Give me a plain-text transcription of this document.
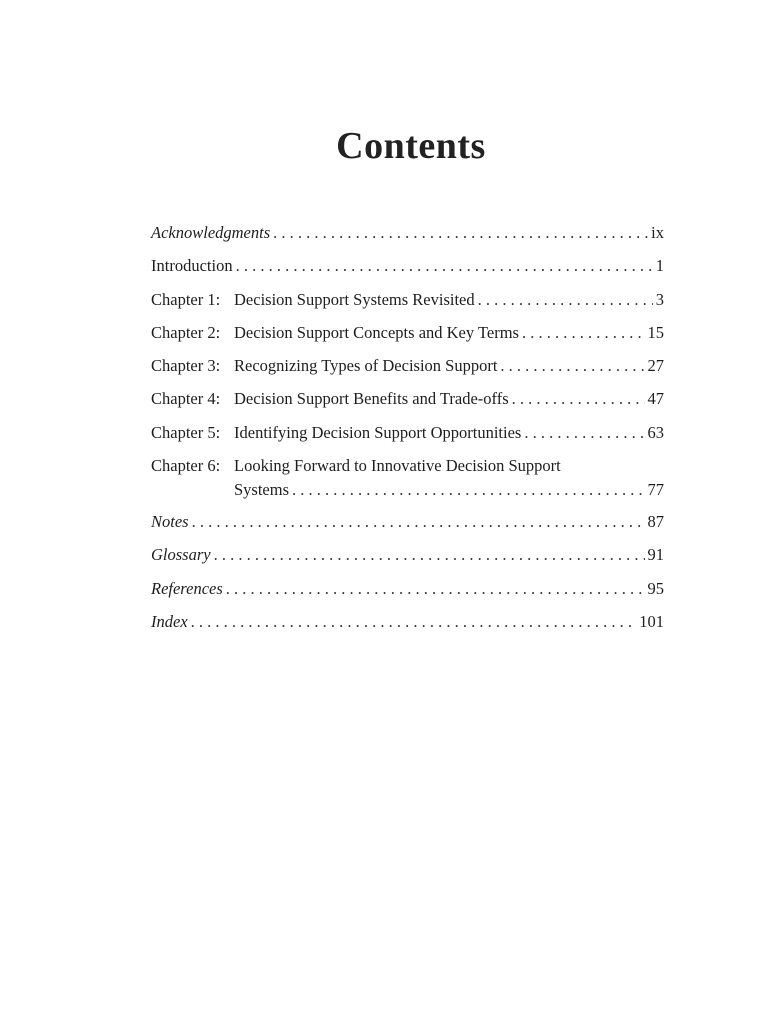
Contents
Acknowledgments . . .	ix
Introduction . . .	1
Chapter 1: Decision Support Systems Revisited . . .	3
Chapter 2: Decision Support Concepts and Key Terms . . .	15
Chapter 3: Recognizing Types of Decision Support . . .	27
Chapter 4: Decision Support Benefits and Trade-offs . . .	47
Chapter 5: Identifying Decision Support Opportunities . . .	63
Chapter 6: Looking Forward to Innovative Decision Support
Systems . . .	77
Notes . . .	87
Glossary . . .	91
References . . .	95
Index . . .	101
